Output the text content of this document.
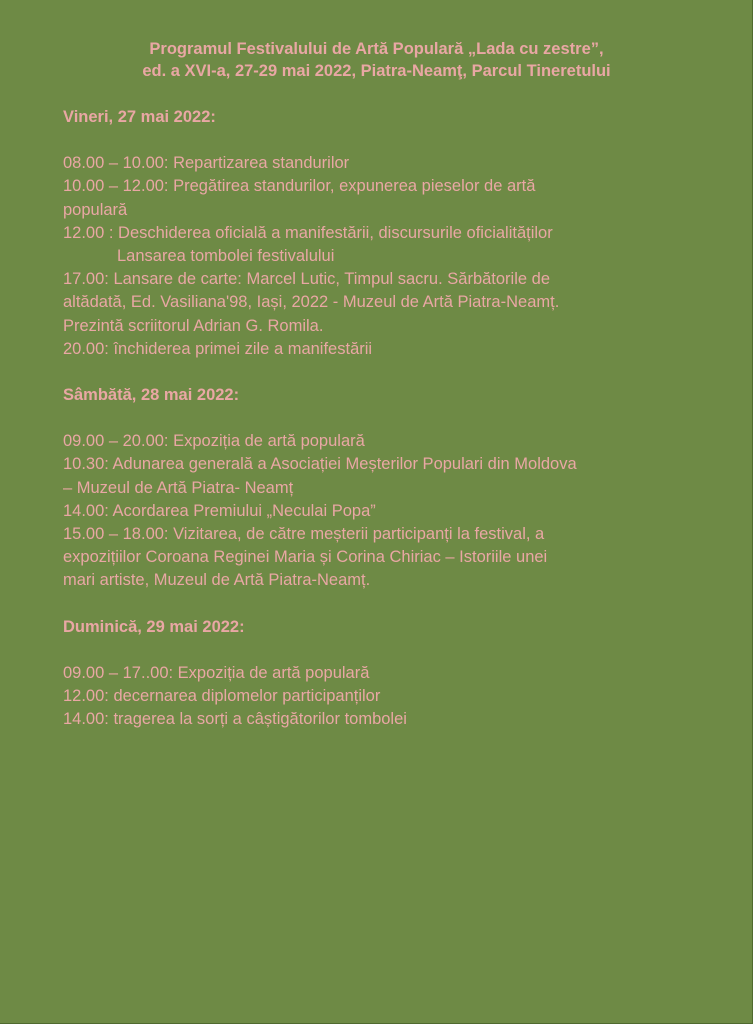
Programul Festivalului de Artă Populară „Lada cu zestre”,
ed. a XVI-a, 27-29 mai 2022, Piatra-Neamţ, Parcul Tineretului
Vineri, 27 mai 2022:
08.00 – 10.00: Repartizarea standurilor
10.00 – 12.00: Pregătirea standurilor, expunerea pieselor de artă
populară
12.00 : Deschiderea oficială a manifestării, discursurile oficialităților
Lansarea tombolei festivalului
17.00: Lansare de carte: Marcel Lutic, Timpul sacru. Sărbătorile de
altădată, Ed. Vasiliana'98, Iași, 2022 - Muzeul de Artă Piatra-Neamț.
Prezintă scriitorul Adrian G. Romila.
20.00: închiderea primei zile a manifestării
Sâmbătă, 28 mai 2022:
09.00 – 20.00: Expoziția de artă populară
10.30: Adunarea generală a Asociației Meșterilor Populari din Moldova
– Muzeul de Artă Piatra- Neamț
14.00: Acordarea Premiului „Neculai Popa”
15.00 – 18.00: Vizitarea, de către meșterii participanți la festival, a
expozițiilor Coroana Reginei Maria și Corina Chiriac – Istoriile unei
mari artiste, Muzeul de Artă Piatra-Neamț.
Duminică, 29 mai 2022:
09.00 – 17..00: Expoziția de artă populară
12.00: decernarea diplomelor participanților
14.00: tragerea la sorți a câștigătorilor tombolei
